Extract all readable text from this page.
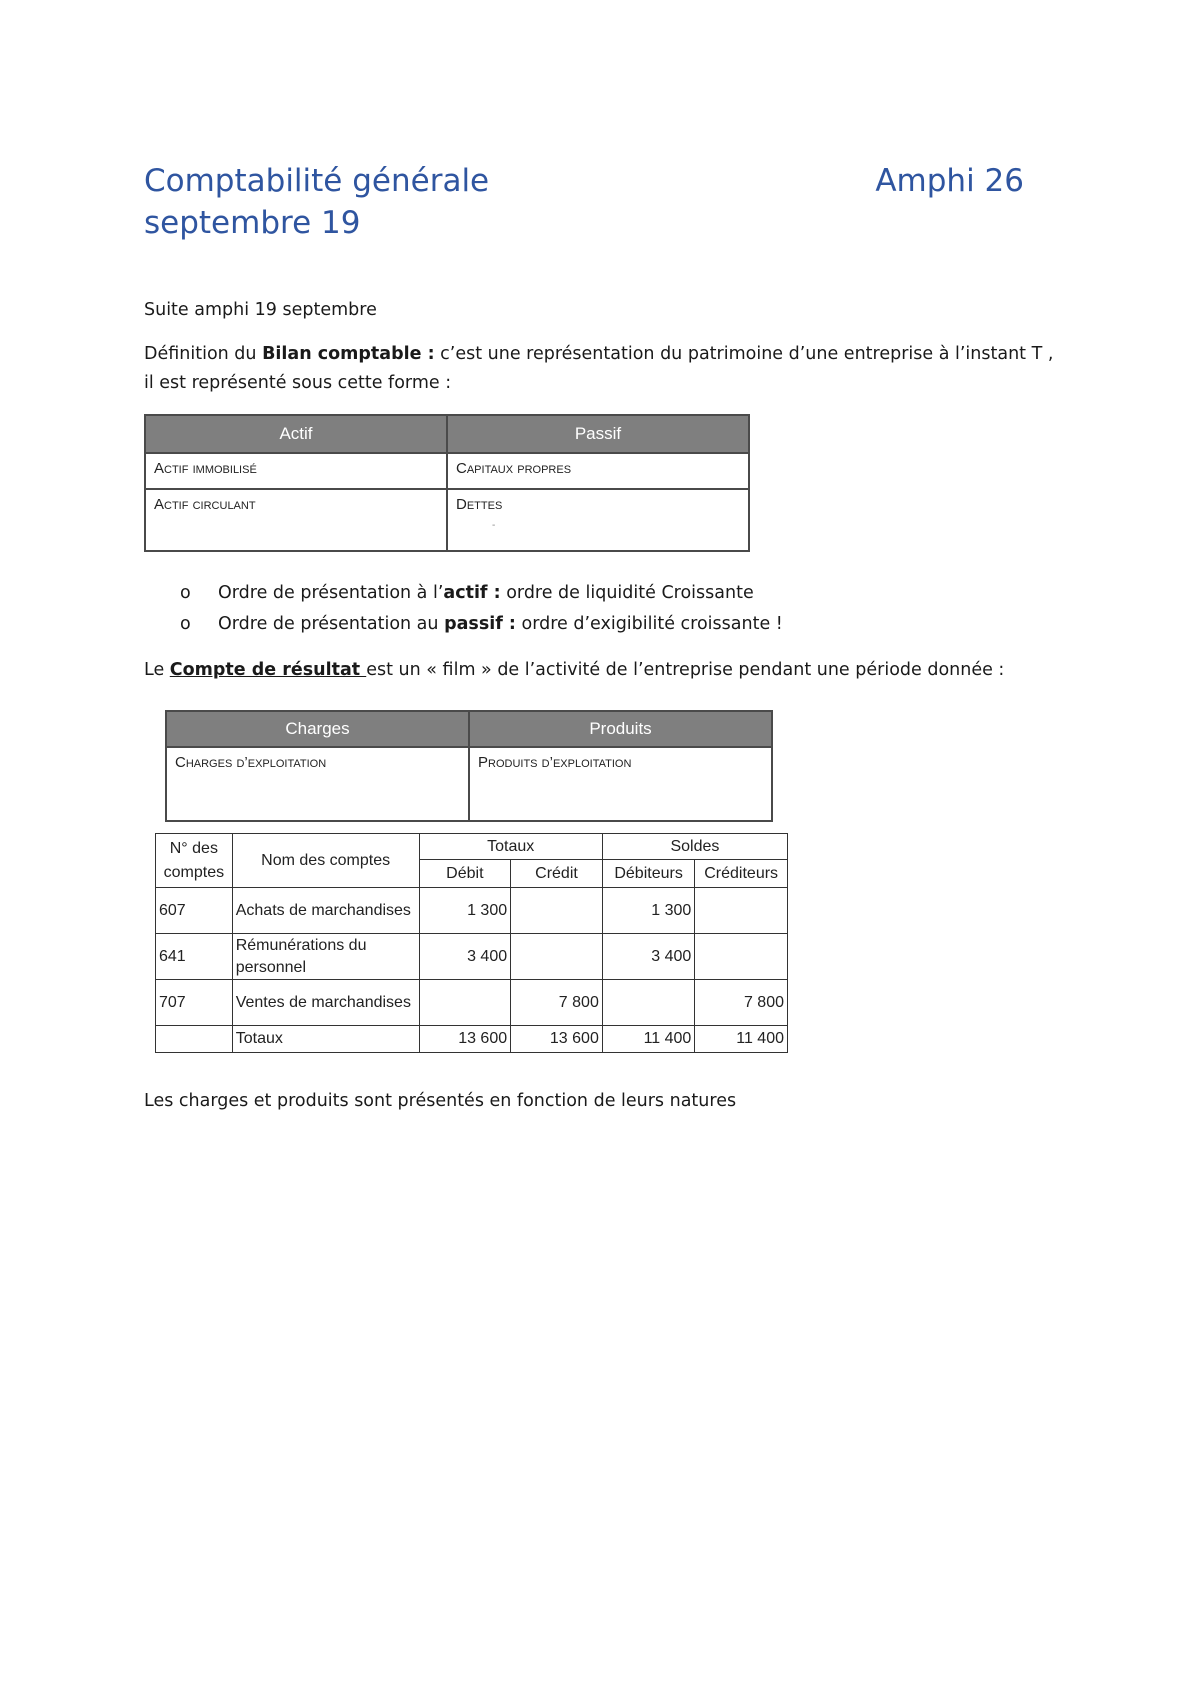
Comptabilité générale	Amphi 26
septembre 19
Suite amphi 19 septembre
Définition du Bilan comptable : c’est une représentation du patrimoine d’une entreprise à l’instant T ,
il est représenté sous cette forme :
Actif	Passif
Actif immobilisé	Capitaux propres
Actif circulant	Dettes
-
o Ordre de présentation à l’actif : ordre de liquidité Croissante
o Ordre de présentation au passif : ordre d’exigibilité croissante !
Le Compte de résultat est un « film » de l’activité de l’entreprise pendant une période donnée :
Charges	Produits
Charges d’exploitation	Produits d’exploitation
N° des comptes	Nom des comptes	Totaux		Soldes	
		Débit	Crédit	Débiteurs	Créditeurs
607	Achats de marchandises	1 300		1 300	
641	Rémunérations du personnel	3 400		3 400	
707	Ventes de marchandises		7 800		7 800
	Totaux	13 600	13 600	11 400	11 400
Les charges et produits sont présentés en fonction de leurs natures
